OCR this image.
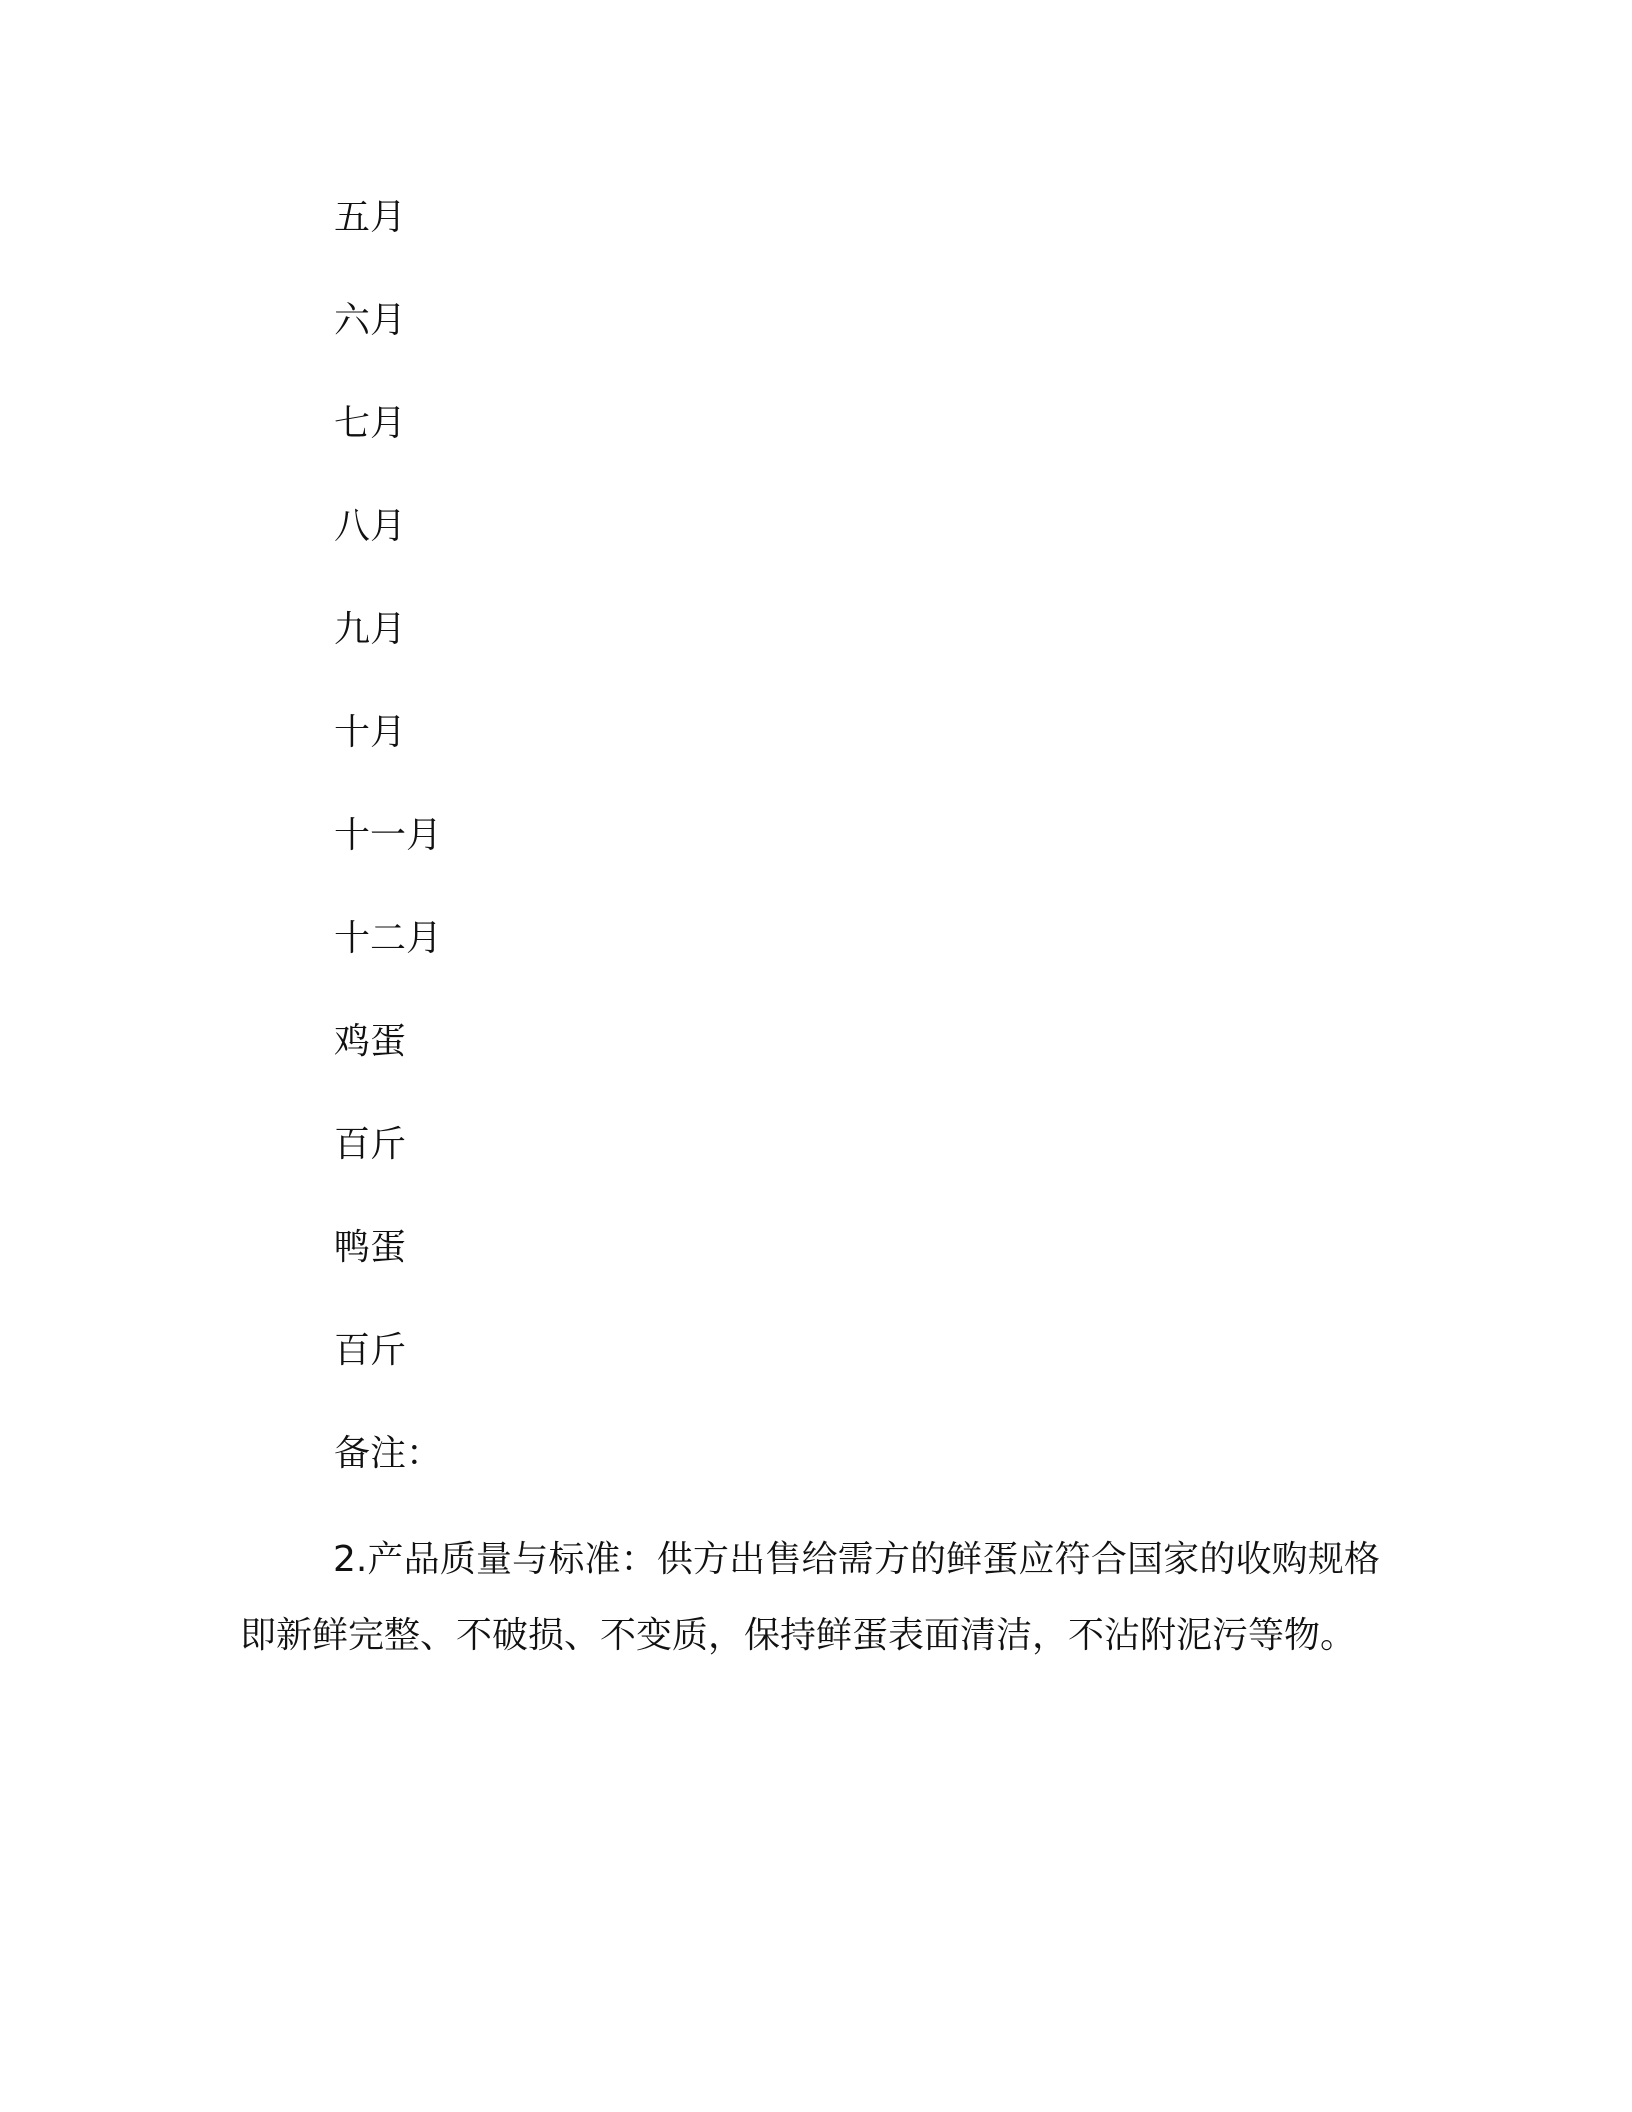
五月
六月
七月
八月
九月
十月
十一月
十二月
鸡蛋
百斤
鸭蛋
百斤
备注：
2.产品质量与标准：供方出售给需方的鲜蛋应符合国家的收购规格即新鲜完整、不破损、不变质，保持鲜蛋表面清洁，不沾附泥污等物。
